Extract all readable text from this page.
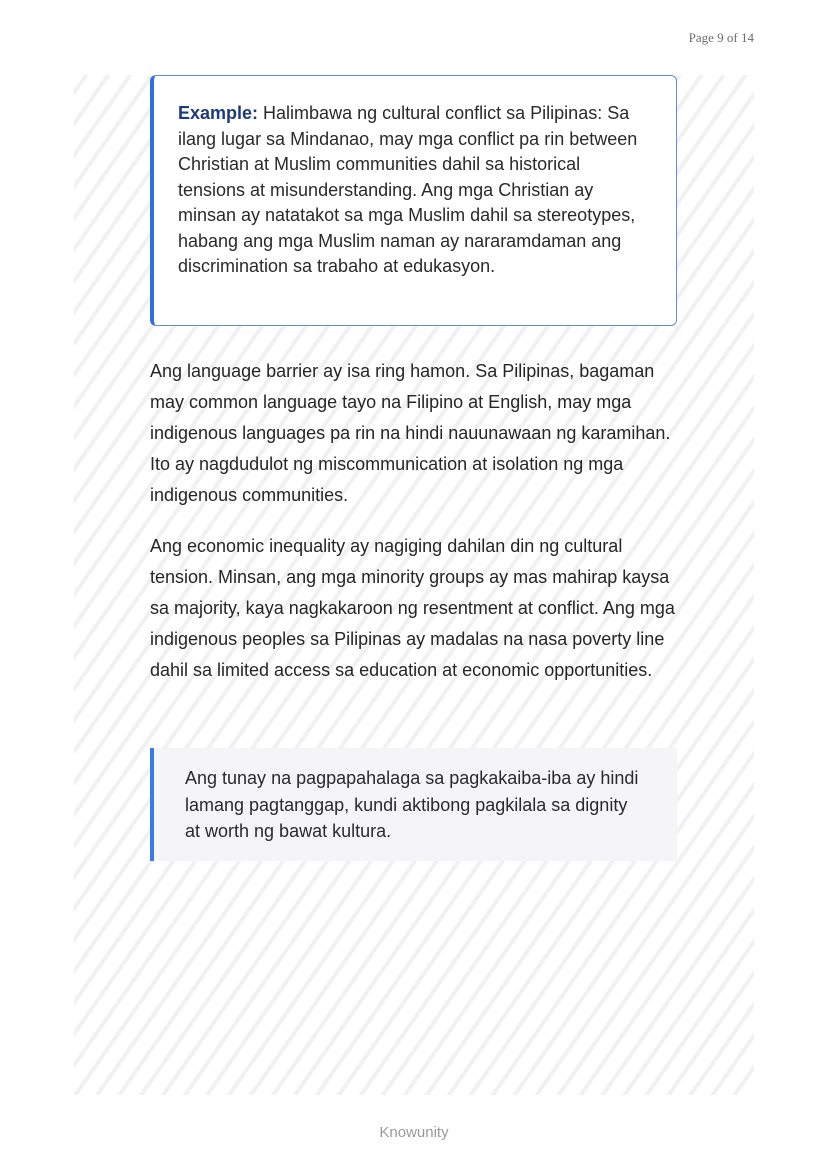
Page 9 of 14
Example: Halimbawa ng cultural conflict sa Pilipinas: Sa ilang lugar sa Mindanao, may mga conflict pa rin between Christian at Muslim communities dahil sa historical tensions at misunderstanding. Ang mga Christian ay minsan ay natatakot sa mga Muslim dahil sa stereotypes, habang ang mga Muslim naman ay nararamdaman ang discrimination sa trabaho at edukasyon.

Ang language barrier ay isa ring hamon. Sa Pilipinas, bagaman may common language tayo na Filipino at English, may mga indigenous languages pa rin na hindi nauunawaan ng karamihan. Ito ay nagdudulot ng miscommunication at isolation ng mga indigenous communities.

Ang economic inequality ay nagiging dahilan din ng cultural tension. Minsan, ang mga minority groups ay mas mahirap kaysa sa majority, kaya nagkakaroon ng resentment at conflict. Ang mga indigenous peoples sa Pilipinas ay madalas na nasa poverty line dahil sa limited access sa education at economic opportunities.

Ang tunay na pagpapahalaga sa pagkakaiba-iba ay hindi lamang pagtanggap, kundi aktibong pagkilala sa dignity at worth ng bawat kultura.
Knowunity
